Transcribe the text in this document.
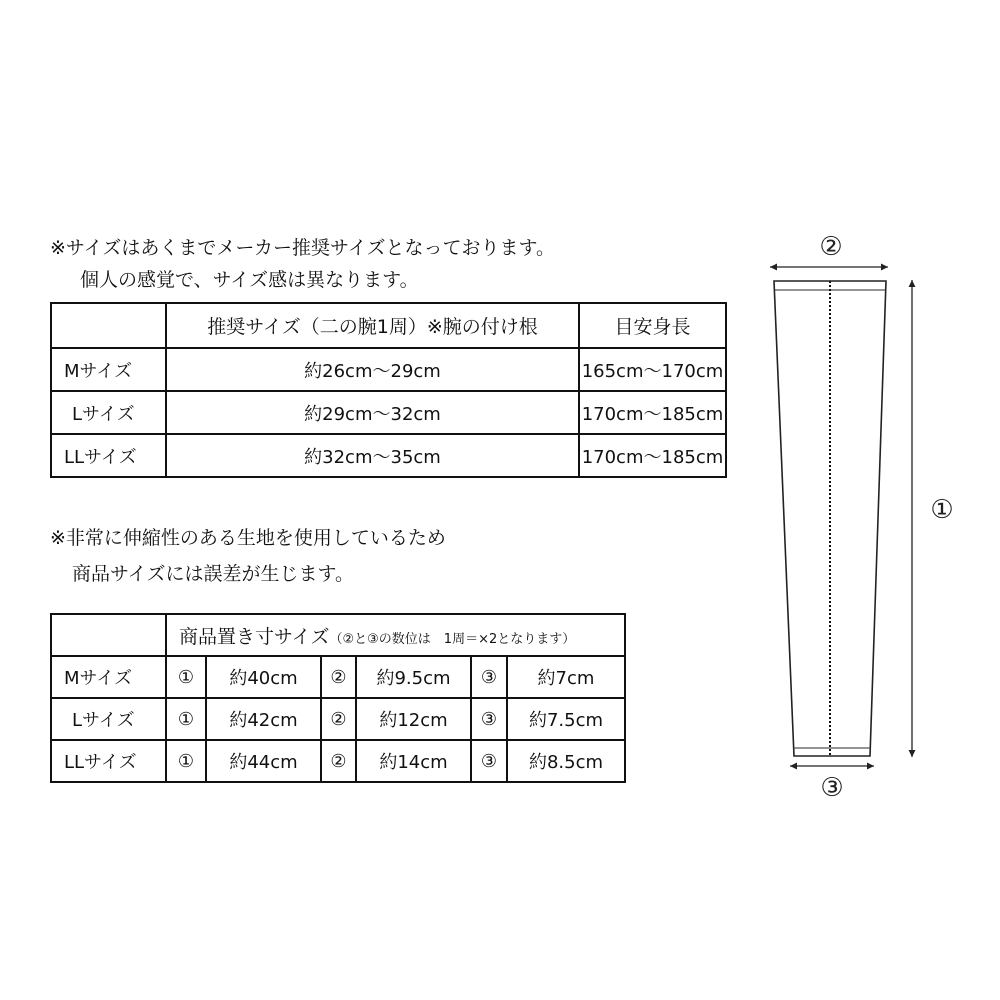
※サイズはあくまでメーカー推奨サイズとなっております。
個人の感覚で、サイズ感は異なります。
	推奨サイズ（二の腕1周）※腕の付け根	目安身長
Mサイズ	約26cm～29cm	165cm～170cm
Lサイズ	約29cm～32cm	170cm～185cm
LLサイズ	約32cm～35cm	170cm～185cm
※非常に伸縮性のある生地を使用しているため
商品サイズには誤差が生じます。
	商品置き寸サイズ（②と③の数位は　1周＝×2となります）					
Mサイズ	①	約40cm	②	約9.5cm	③	約7cm
Lサイズ	①	約42cm	②	約12cm	③	約7.5cm
LLサイズ	①	約44cm	②	約14cm	③	約8.5cm
②
①
③
